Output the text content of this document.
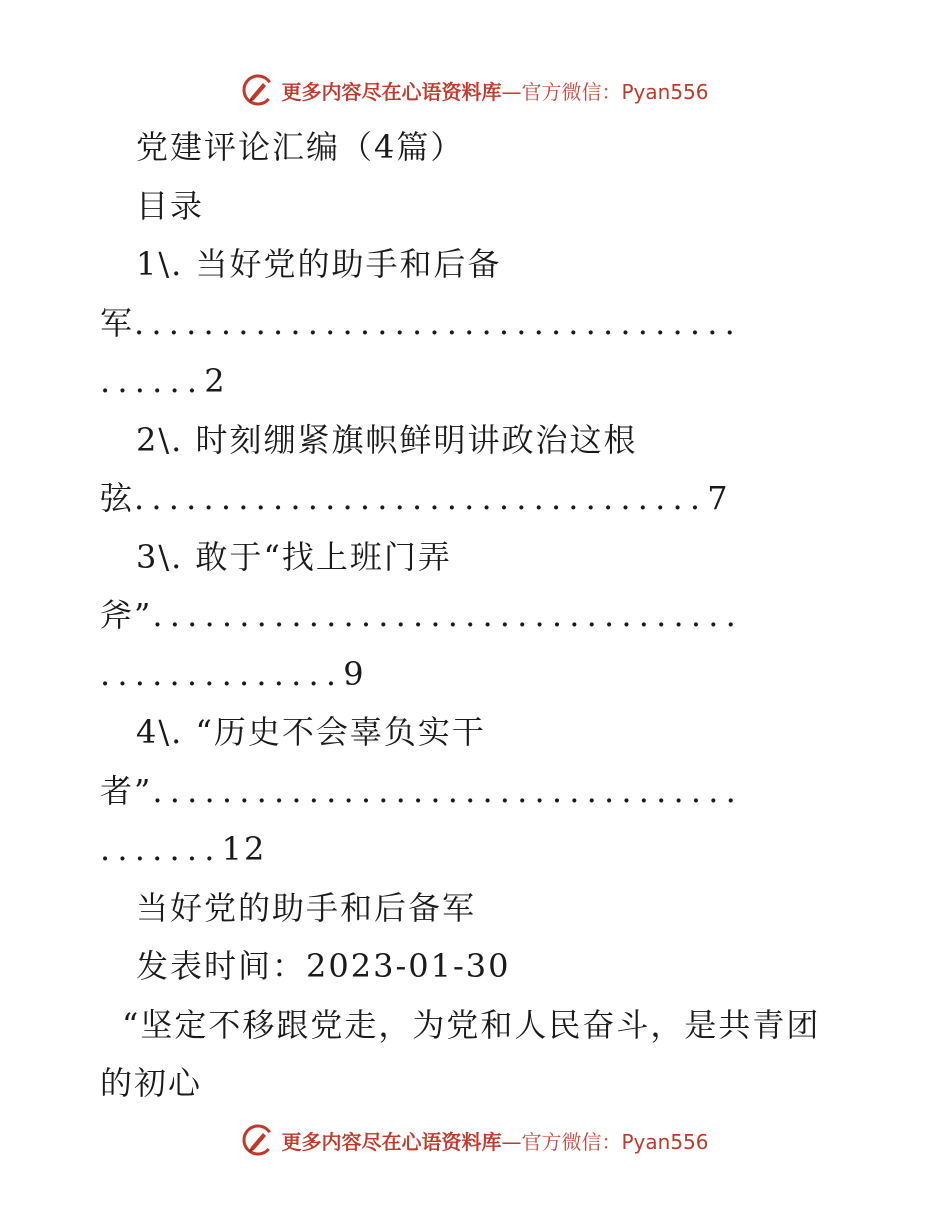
更多内容尽在心语资料库—官方微信：Pyan556
党建评论汇编（4篇）
目录
1\. 当好党的助手和后备
军...................................
......2
2\. 时刻绷紧旗帜鲜明讲政治这根
弦.................................7
3\. 敢于“找上班门弄
斧”..................................
..............9
4\. “历史不会辜负实干
者”..................................
.......12
当好党的助手和后备军
发表时间：2023-01-30
“坚定不移跟党走，为党和人民奋斗，是共青团
的初心
更多内容尽在心语资料库—官方微信：Pyan556
